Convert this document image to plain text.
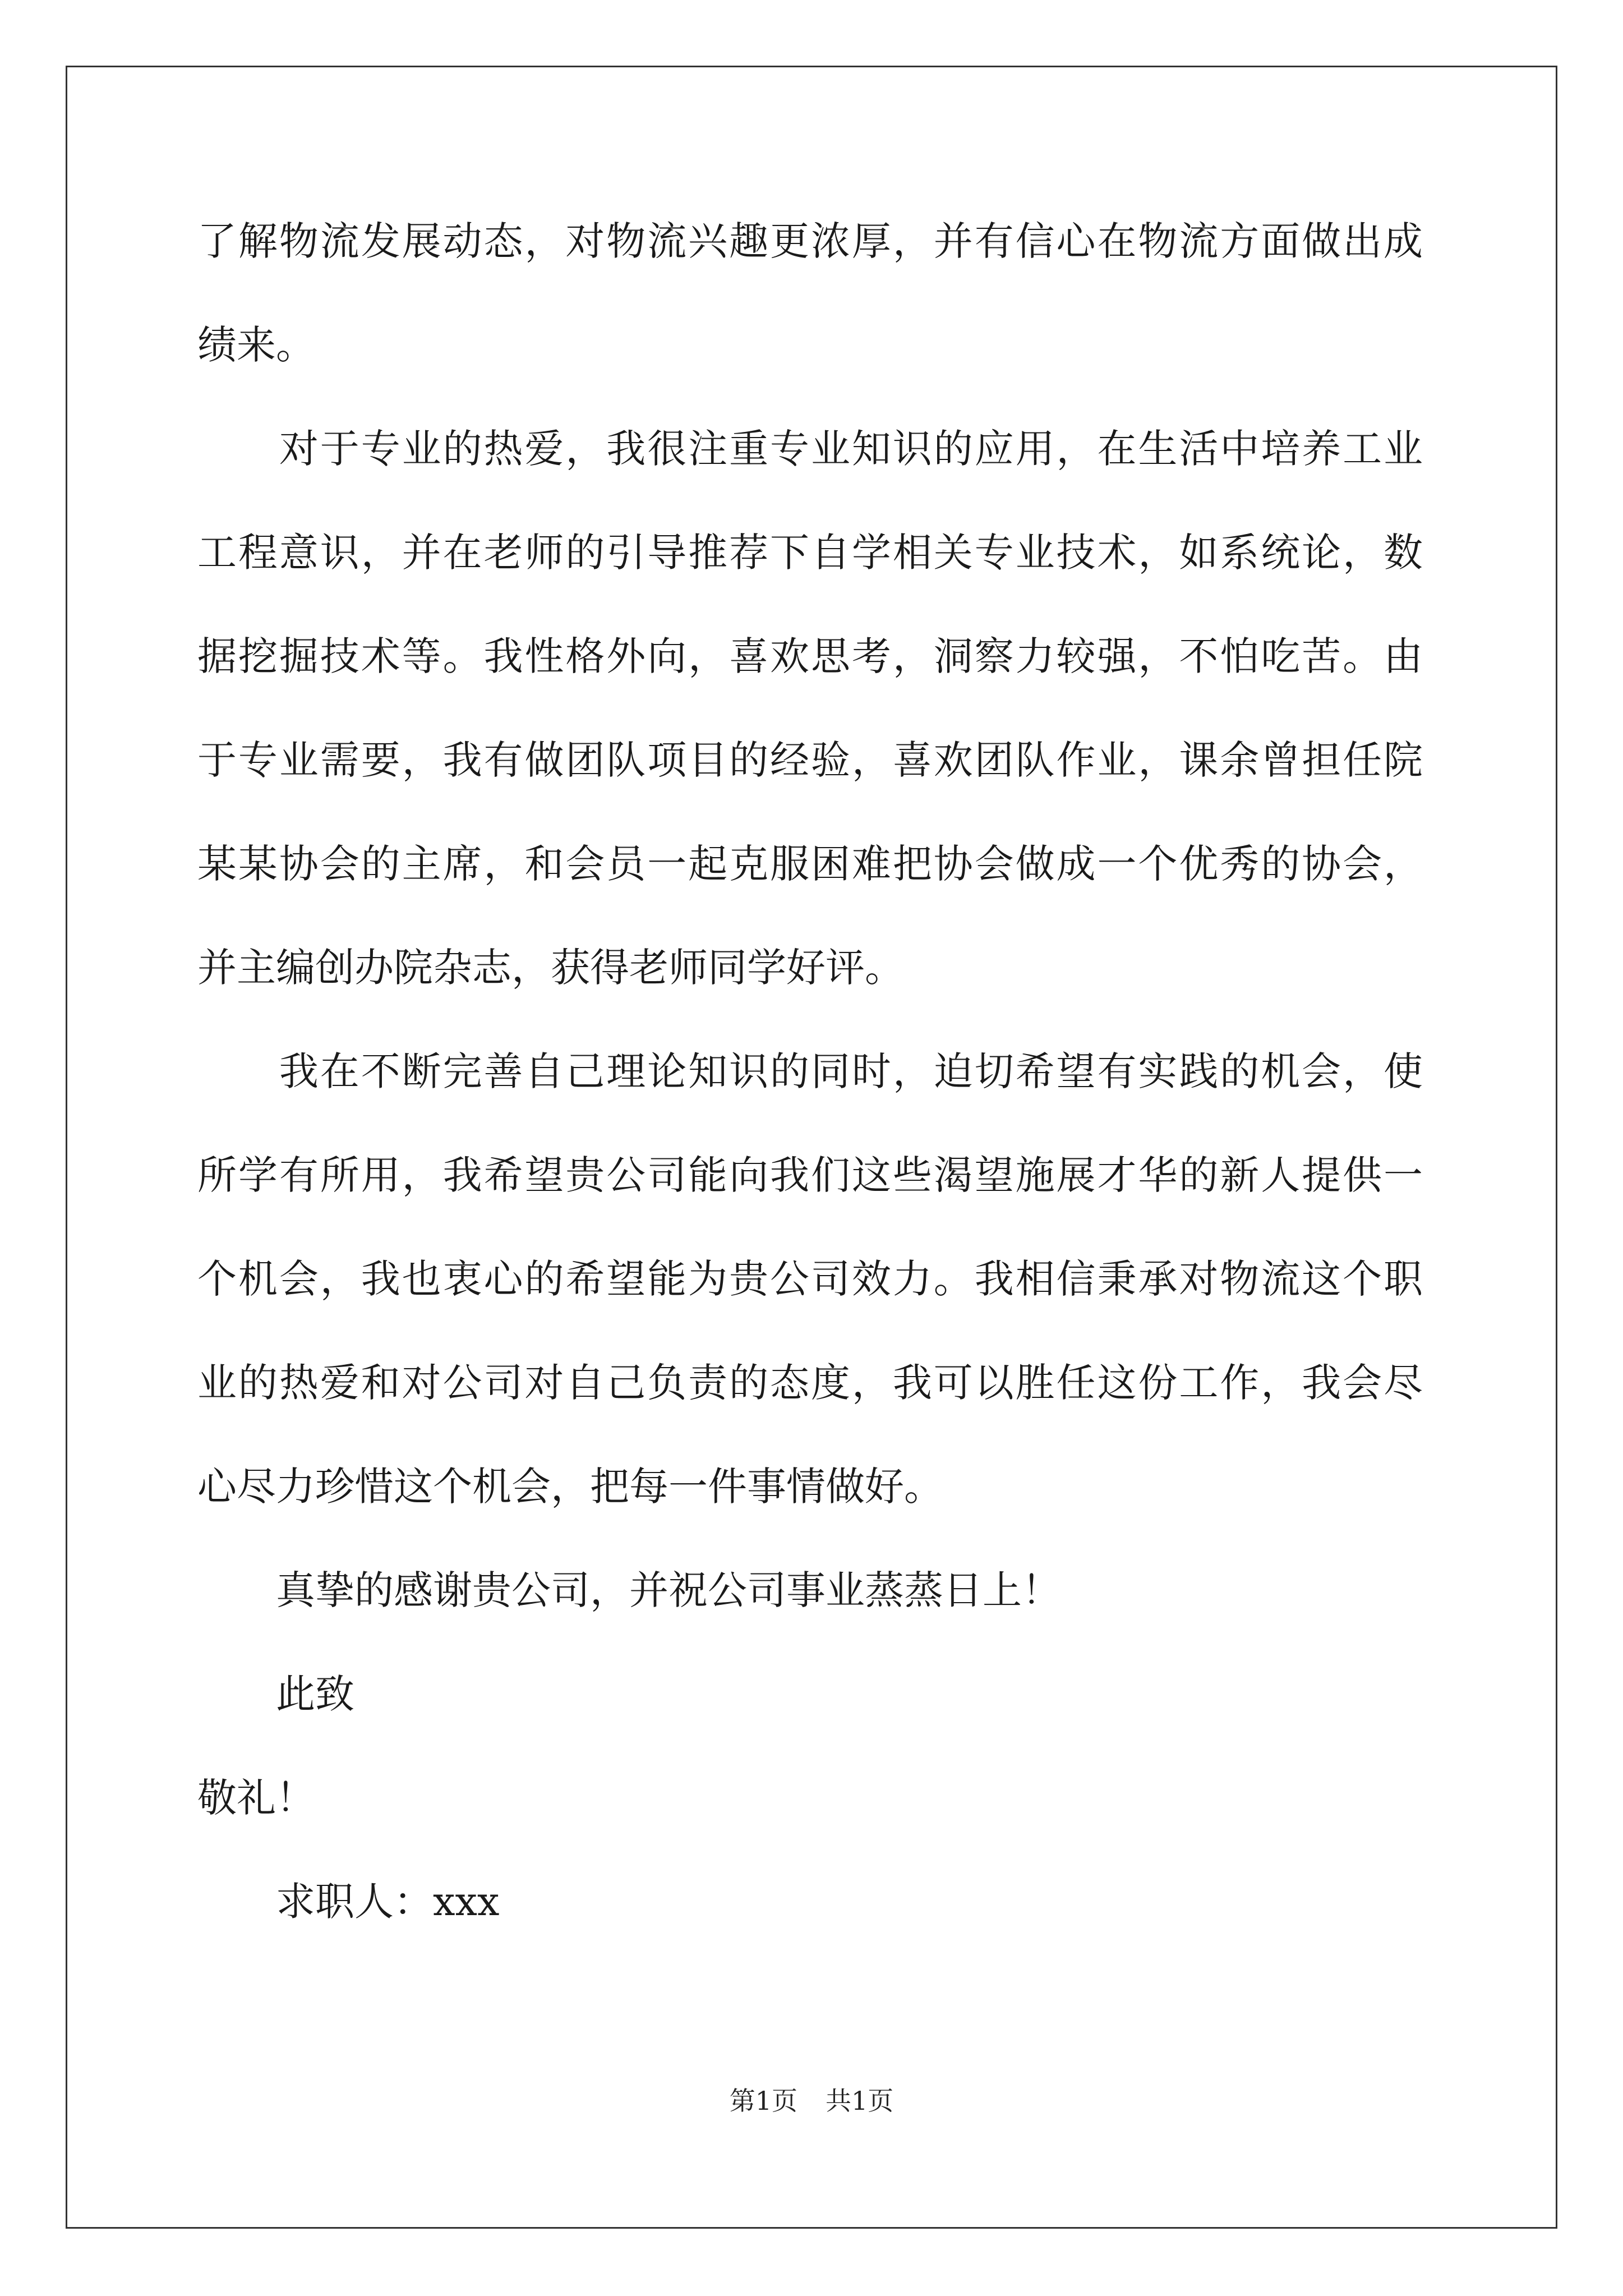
了解物流发展动态，对物流兴趣更浓厚，并有信心在物流方面做出成
绩来。
　　对于专业的热爱，我很注重专业知识的应用，在生活中培养工业
工程意识，并在老师的引导推荐下自学相关专业技术，如系统论，数
据挖掘技术等。我性格外向，喜欢思考，洞察力较强，不怕吃苦。由
于专业需要，我有做团队项目的经验，喜欢团队作业，课余曾担任院
某某协会的主席，和会员一起克服困难把协会做成一个优秀的协会，
并主编创办院杂志，获得老师同学好评。
　　我在不断完善自己理论知识的同时，迫切希望有实践的机会，使
所学有所用，我希望贵公司能向我们这些渴望施展才华的新人提供一
个机会，我也衷心的希望能为贵公司效力。我相信秉承对物流这个职
业的热爱和对公司对自己负责的态度，我可以胜任这份工作，我会尽
心尽力珍惜这个机会，把每一件事情做好。
　　真挚的感谢贵公司，并祝公司事业蒸蒸日上！
　　此致
敬礼！
　　求职人：xxx
第1页 共1页
